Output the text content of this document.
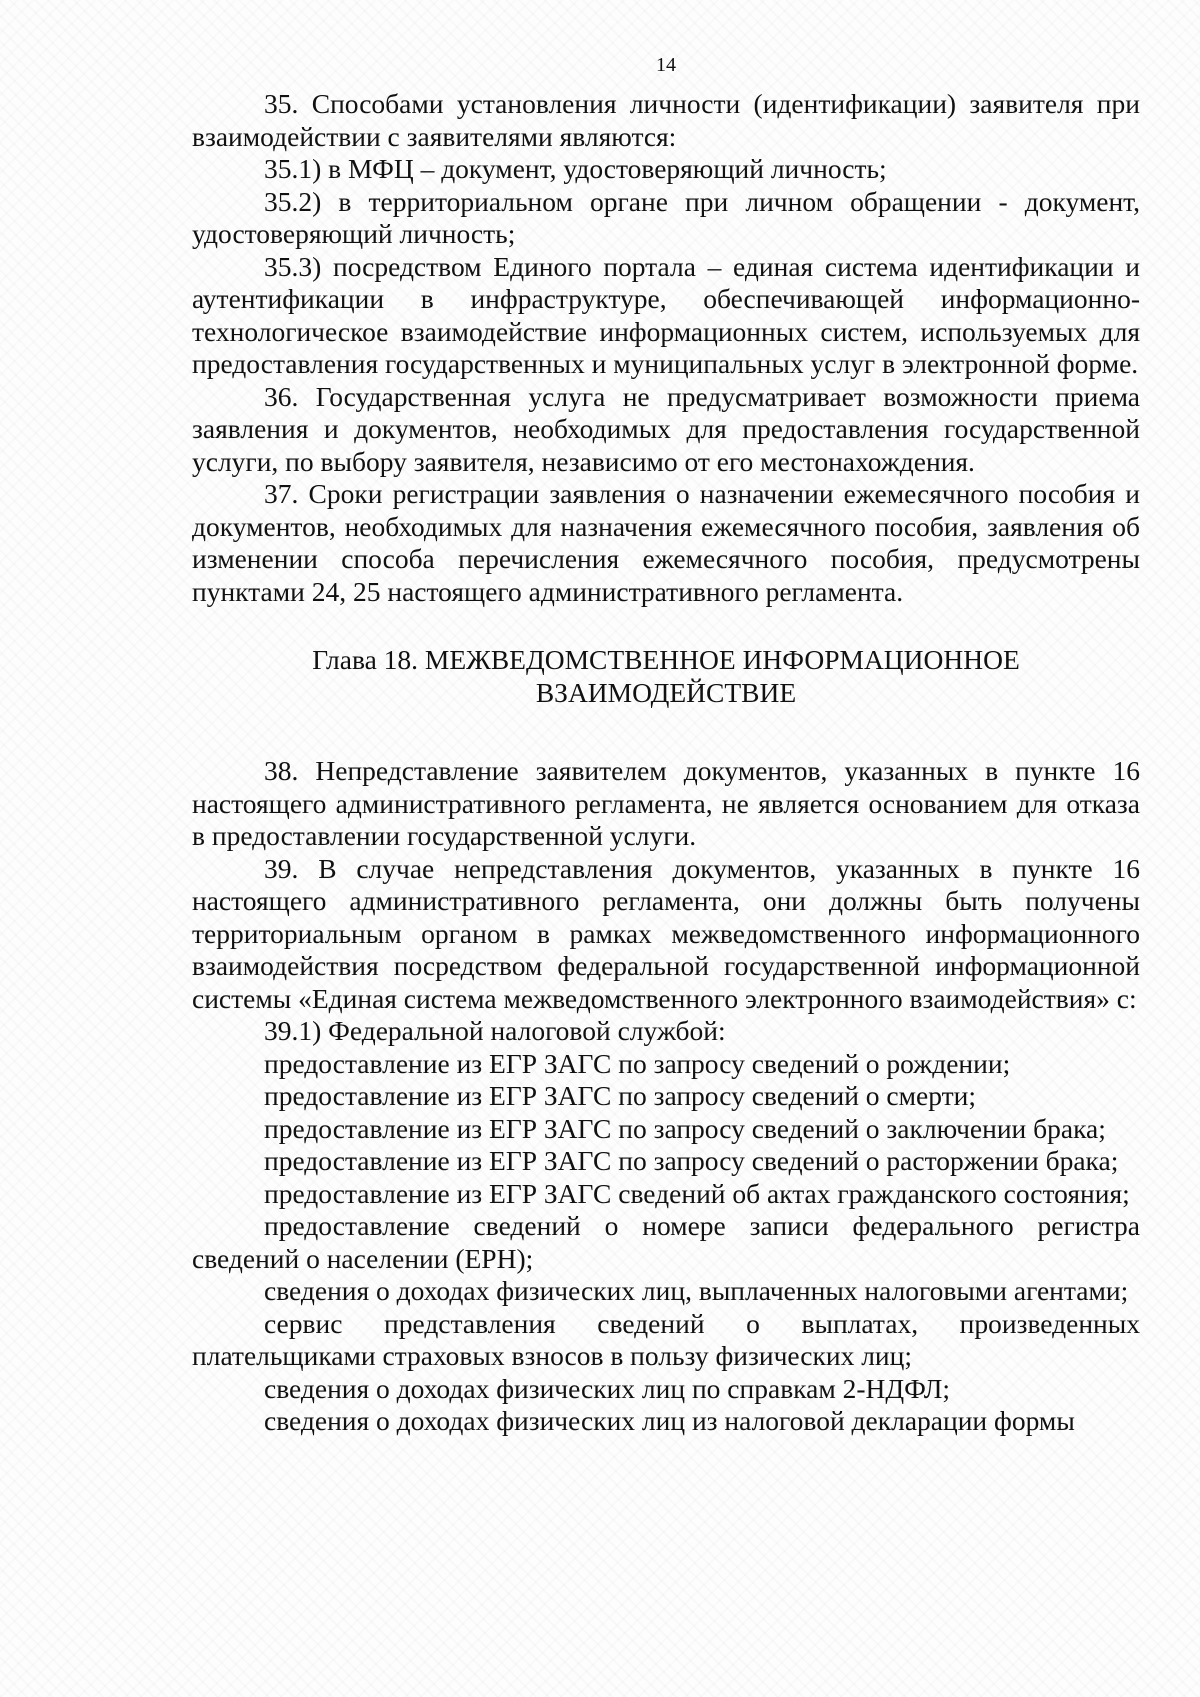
14

35. Способами установления личности (идентификации) заявителя при взаимодействии с заявителями являются:

35.1) в МФЦ – документ, удостоверяющий личность;

35.2) в территориальном органе при личном обращении - документ, удостоверяющий личность;

35.3) посредством Единого портала – единая система идентификации и аутентификации в инфраструктуре, обеспечивающей информационно-технологическое взаимодействие информационных систем, используемых для предоставления государственных и муниципальных услуг в электронной форме.

36. Государственная услуга не предусматривает возможности приема заявления и документов, необходимых для предоставления государственной услуги, по выбору заявителя, независимо от его местонахождения.

37. Сроки регистрации заявления о назначении ежемесячного пособия и документов, необходимых для назначения ежемесячного пособия, заявления об изменении способа перечисления ежемесячного пособия, предусмотрены пунктами 24, 25 настоящего административного регламента.

Глава 18. МЕЖВЕДОМСТВЕННОЕ ИНФОРМАЦИОННОЕ
ВЗАИМОДЕЙСТВИЕ

38. Непредставление заявителем документов, указанных в пункте 16 настоящего административного регламента, не является основанием для отказа в предоставлении государственной услуги.

39. В случае непредставления документов, указанных в пункте 16 настоящего административного регламента, они должны быть получены территориальным органом в рамках межведомственного информационного взаимодействия посредством федеральной государственной информационной системы «Единая система межведомственного электронного взаимодействия» с:

39.1) Федеральной налоговой службой:

предоставление из ЕГР ЗАГС по запросу сведений о рождении;

предоставление из ЕГР ЗАГС по запросу сведений о смерти;

предоставление из ЕГР ЗАГС по запросу сведений о заключении брака;

предоставление из ЕГР ЗАГС по запросу сведений о расторжении брака;

предоставление из ЕГР ЗАГС сведений об актах гражданского состояния;

предоставление сведений о номере записи федерального регистра сведений о населении (ЕРН);

сведения о доходах физических лиц, выплаченных налоговыми агентами;

сервис представления сведений о выплатах, произведенных плательщиками страховых взносов в пользу физических лиц;

сведения о доходах физических лиц по справкам 2-НДФЛ;

сведения о доходах физических лиц из налоговой декларации формы
